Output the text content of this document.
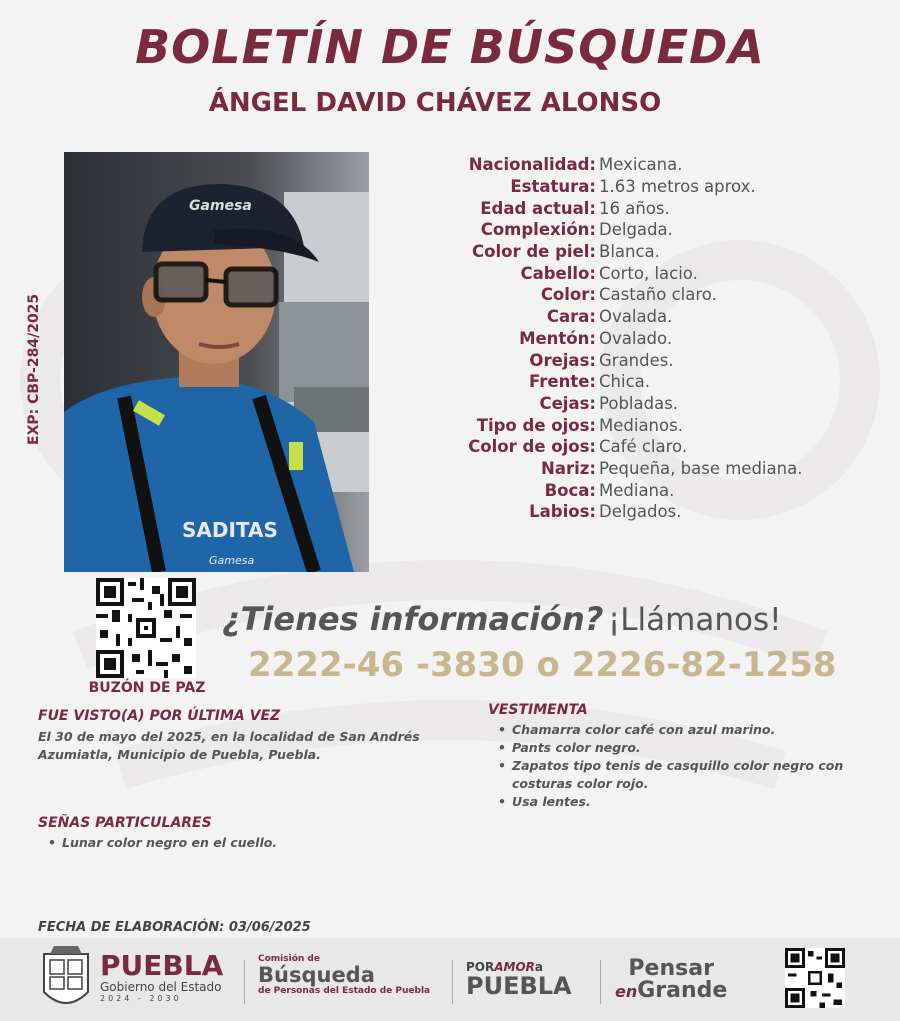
BOLETÍN DE BÚSQUEDA
ÁNGEL DAVID CHÁVEZ ALONSO
EXP: CBP-284/2025
Gamesa
SADITAS
Gamesa
Nacionalidad: Mexicana.
Estatura: 1.63 metros aprox.
Edad actual: 16 años.
Complexión: Delgada.
Color de piel: Blanca.
Cabello: Corto, lacio.
Color: Castaño claro.
Cara: Ovalada.
Mentón: Ovalado.
Orejas: Grandes.
Frente: Chica.
Cejas: Pobladas.
Tipo de ojos: Medianos.
Color de ojos: Café claro.
Nariz: Pequeña, base mediana.
Boca: Mediana.
Labios: Delgados.
BUZÓN DE PAZ
¿Tienes información? ¡Llámanos!
2222-46 -3830 o 2226-82-1258
FUE VISTO(A) POR ÚLTIMA VEZ
El 30 de mayo del 2025, en la localidad de San Andrés
Azumiatla, Municipio de Puebla, Puebla.
VESTIMENTA
• Chamarra color café con azul marino.
• Pants color negro.
• Zapatos tipo tenis de casquillo color negro con
costuras color rojo.
• Usa lentes.
SEÑAS PARTICULARES
• Lunar color negro en el cuello.
FECHA DE ELABORACIÓN: 03/06/2025
PUEBLA
Gobierno del Estado
2024 - 2030
Comisión de
Búsqueda
de Personas del Estado de Puebla
PORAMORa
PUEBLA
Pensar
enGrande
